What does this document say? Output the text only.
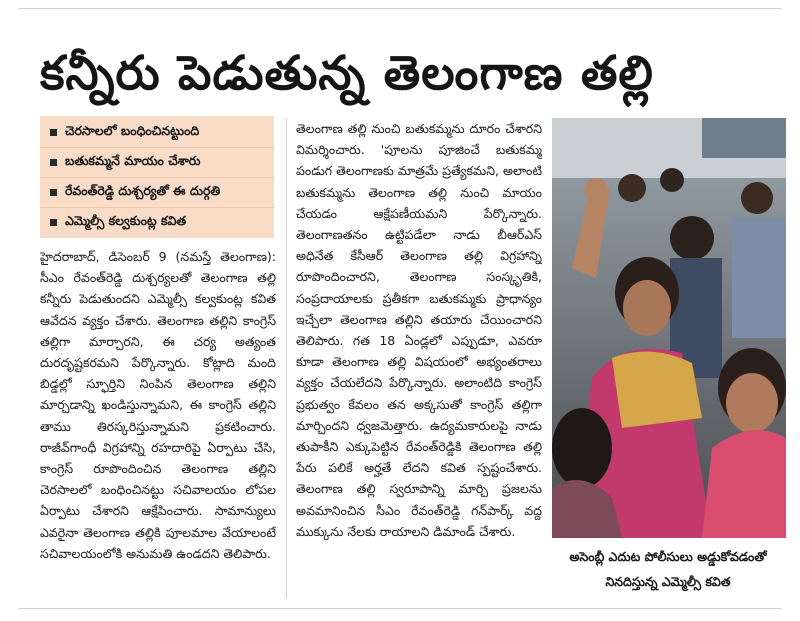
కన్నీరు పెడుతున్న తెలంగాణ తల్లి
చెరసాలలో బంధించినట్టుంది
బతుకమ్మనే మాయం చేశారు
రేవంత్‌రెడ్డి దుశ్చర్యతో ఈ దుర్గతి
ఎమ్మెల్సీ కల్వకుంట్ల కవిత

హైదరాబాద్, డిసెంబర్ 9 (నమస్తే తెలంగాణ): సీఎం రేవంత్‌రెడ్డి దుశ్చర్యలతో తెలంగాణ తల్లి కన్నీరు పెడుతుందని ఎమ్మెల్సీ కల్వకుంట్ల కవిత ఆవేదన వ్యక్తం చేశారు. తెలంగాణ తల్లిని కాంగ్రెస్ తల్లిగా మార్చారని, ఈ చర్య అత్యంత దురదృష్టకరమని పేర్కొన్నారు. కోట్లాది మంది బిడ్డల్లో స్ఫూర్తిని నింపిన తెలంగాణ తల్లిని మార్చడాన్ని ఖండిస్తున్నామని, ఈ కాంగ్రెస్ తల్లిని తాము తిరస్కరిస్తున్నామని ప్రకటించారు. రాజీవ్‌గాంధీ విగ్రహాన్ని రహదారిపై ఏర్పాటు చేసి, కాంగ్రెస్ రూపొందించిన తెలంగాణ తల్లిని చెరసాలలో బంధించినట్టు సచివాలయం లోపల ఏర్పాటు చేశారని ఆక్షేపించారు. సామాన్యులు ఎవరైనా తెలంగాణ తల్లికి పూలమాల వేయాలంటే సచివాలయంలోకి అనుమతి ఉండదని తెలిపారు.

తెలంగాణ తల్లి నుంచి బతుకమ్మను దూరం చేశారని విమర్శించారు. 'పూలను పూజించే బతుకమ్మ పండుగ తెలంగాణకు మాత్రమే ప్రత్యేకమని, అలాంటి బతుకమ్మను తెలంగాణ తల్లి నుంచి మాయం చేయడం ఆక్షేపణీయమని పేర్కొన్నారు. తెలంగాణతనం ఉట్టిపడేలా నాడు బీఆర్ఎస్ అధినేత కేసీఆర్ తెలంగాణ తల్లి విగ్రహాన్ని రూపొందించారని, తెలంగాణ సంస్కృతికి, సంప్రదాయాలకు ప్రతీకగా బతుకమ్మకు ప్రాధాన్యం ఇచ్చేలా తెలంగాణ తల్లిని తయారు చేయించారని తెలిపారు. గత 18 ఏండ్లలో ఎప్పుడూ, ఎవరూ కూడా తెలంగాణ తల్లి విషయంలో అభ్యంతరాలు వ్యక్తం చేయలేదని పేర్కొన్నారు. అలాంటిది కాంగ్రెస్ ప్రభుత్వం కేవలం తన అక్కసుతో కాంగ్రెస్ తల్లిగా మార్చిందని ధ్వజమెత్తారు. ఉద్యమకారులపై నాడు తుపాకీని ఎక్కుపెట్టిన రేవంత్‌రెడ్డికి తెలంగాణ తల్లి పేరు పలికే అర్హతే లేదని కవిత స్పష్టంచేశారు. తెలంగాణ తల్లి స్వరూపాన్ని మార్చి ప్రజలను అవమానించిన సీఎం రేవంత్‌రెడ్డి గన్‌పార్క్ వద్ద ముక్కును నేలకు రాయాలని డిమాండ్ చేశారు.

అసెంబ్లీ ఎదుట పోలీసులు అడ్డుకోవడంతో నినదిస్తున్న ఎమ్మెల్సీ కవిత
